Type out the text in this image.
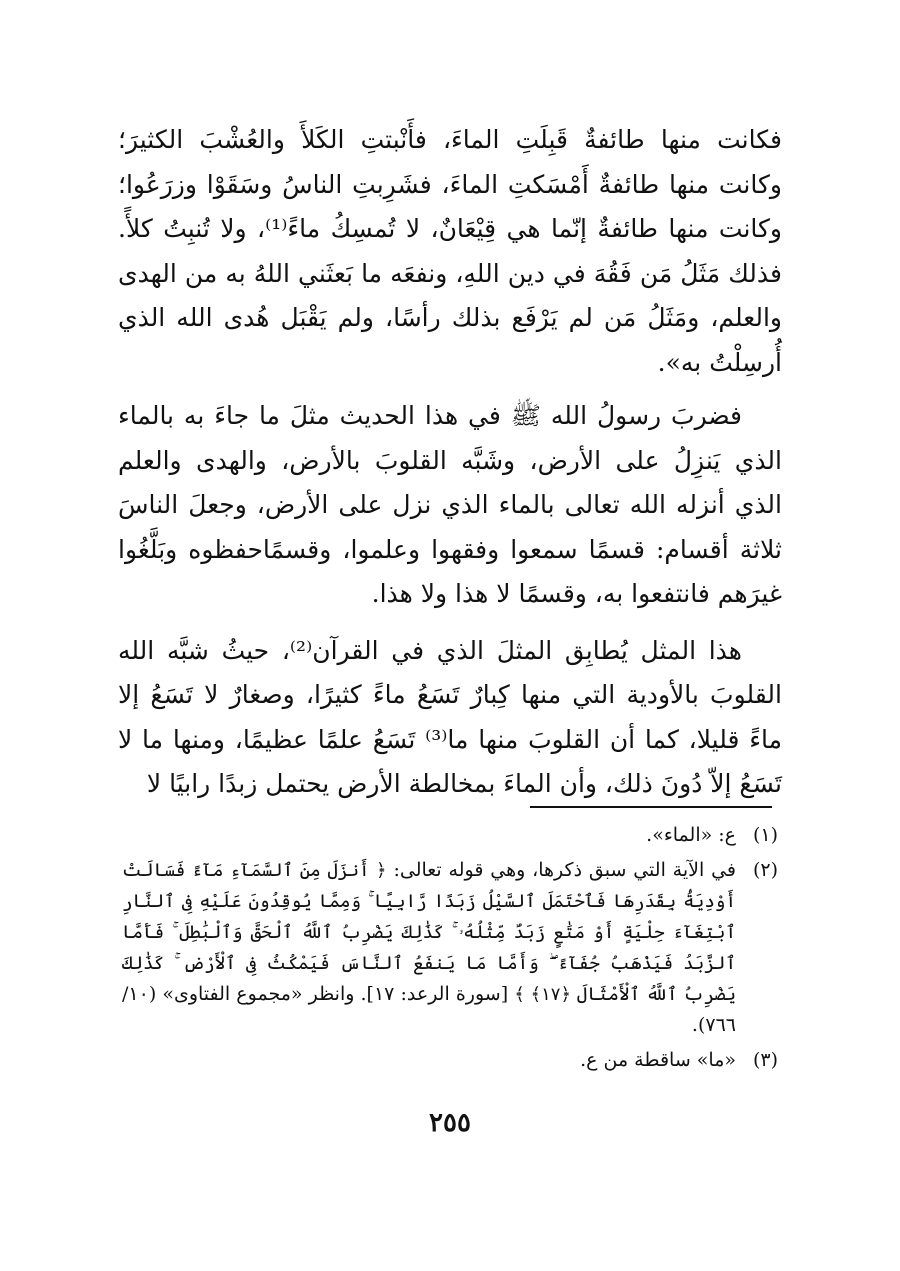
فكانت منها طائفةٌ قَبِلَتِ الماءَ، فأَنْبتتِ الكَلأَ والعُشْبَ الكثيرَ؛ وكانت منها طائفةٌ أَمْسَكتِ الماءَ، فشَرِبتِ الناسُ وسَقَوْا وزرَعُوا؛ وكانت منها طائفةٌ إنّما هي قِيْعَانٌ، لا تُمسِكُ ماءً⁽¹⁾، ولا تُنبِتُ كلأً. فذلك مَثَلُ مَن فَقُهَ في دين اللهِ، ونفعَه ما بَعثَني اللهُ به من الهدى والعلم، ومَثَلُ مَن لم يَرْفَع بذلك رأسًا، ولم يَقْبَل هُدى الله الذي أُرسِلْتُ به».

فضربَ رسولُ الله ﷺ في هذا الحديث مثلَ ما جاءَ به بالماء الذي يَنزِلُ على الأرض، وشَبَّه القلوبَ بالأرض، والهدى والعلم الذي أنزله الله تعالى بالماء الذي نزل على الأرض، وجعلَ الناسَ ثلاثة أقسام: قسمًا سمعوا وفقهوا وعلموا، وقسمًاحفظوه وبَلَّغُوا غيرَهم فانتفعوا به، وقسمًا لا هذا ولا هذا.

هذا المثل يُطابِق المثلَ الذي في القرآن⁽²⁾، حيثُ شبَّه الله القلوبَ بالأودية التي منها كِبارٌ تَسَعُ ماءً كثيرًا، وصغارٌ لا تَسَعُ إلا ماءً قليلا، كما أن القلوبَ منها ما⁽³⁾ تَسَعُ علمًا عظيمًا، ومنها ما لا تَسَعُ إلاّ دُونَ ذلك، وأن الماءَ بمخالطة الأرض يحتمل زبدًا رابيًا لا

(١)
ع: «الماء».
(٢)
في الآية التي سبق ذكرها، وهي قوله تعالى: ﴿ أَنزَلَ مِنَ ٱلسَّمَآءِ مَآءً فَسَالَتْ أَوْدِيَةُۢ بِقَدَرِهَا فَٱحْتَمَلَ ٱلسَّيْلُ زَبَدًا رَّابِيًا ۚ وَمِمَّا يُوقِدُونَ عَلَيْهِ فِى ٱلنَّارِ ٱبْتِغَآءَ حِلْيَةٍ أَوْ مَتَٰعٍ زَبَدٌ مِّثْلُهُۥ ۚ كَذَٰلِكَ يَضْرِبُ ٱللَّهُ ٱلْحَقَّ وَٱلْبَٰطِلَ ۚ فَأَمَّا ٱلزَّبَدُ فَيَذْهَبُ جُفَآءً ۖ وَأَمَّا مَا يَنفَعُ ٱلنَّاسَ فَيَمْكُثُ فِى ٱلْأَرْضِ ۚ كَذَٰلِكَ يَضْرِبُ ٱللَّهُ ٱلْأَمْثَالَ ﴿١٧﴾ ﴾ [سورة الرعد: ١٧]. وانظر «مجموع الفتاوى» (١٠/ ٧٦٦).
(٣)
«ما» ساقطة من ع.
٢٥٥
